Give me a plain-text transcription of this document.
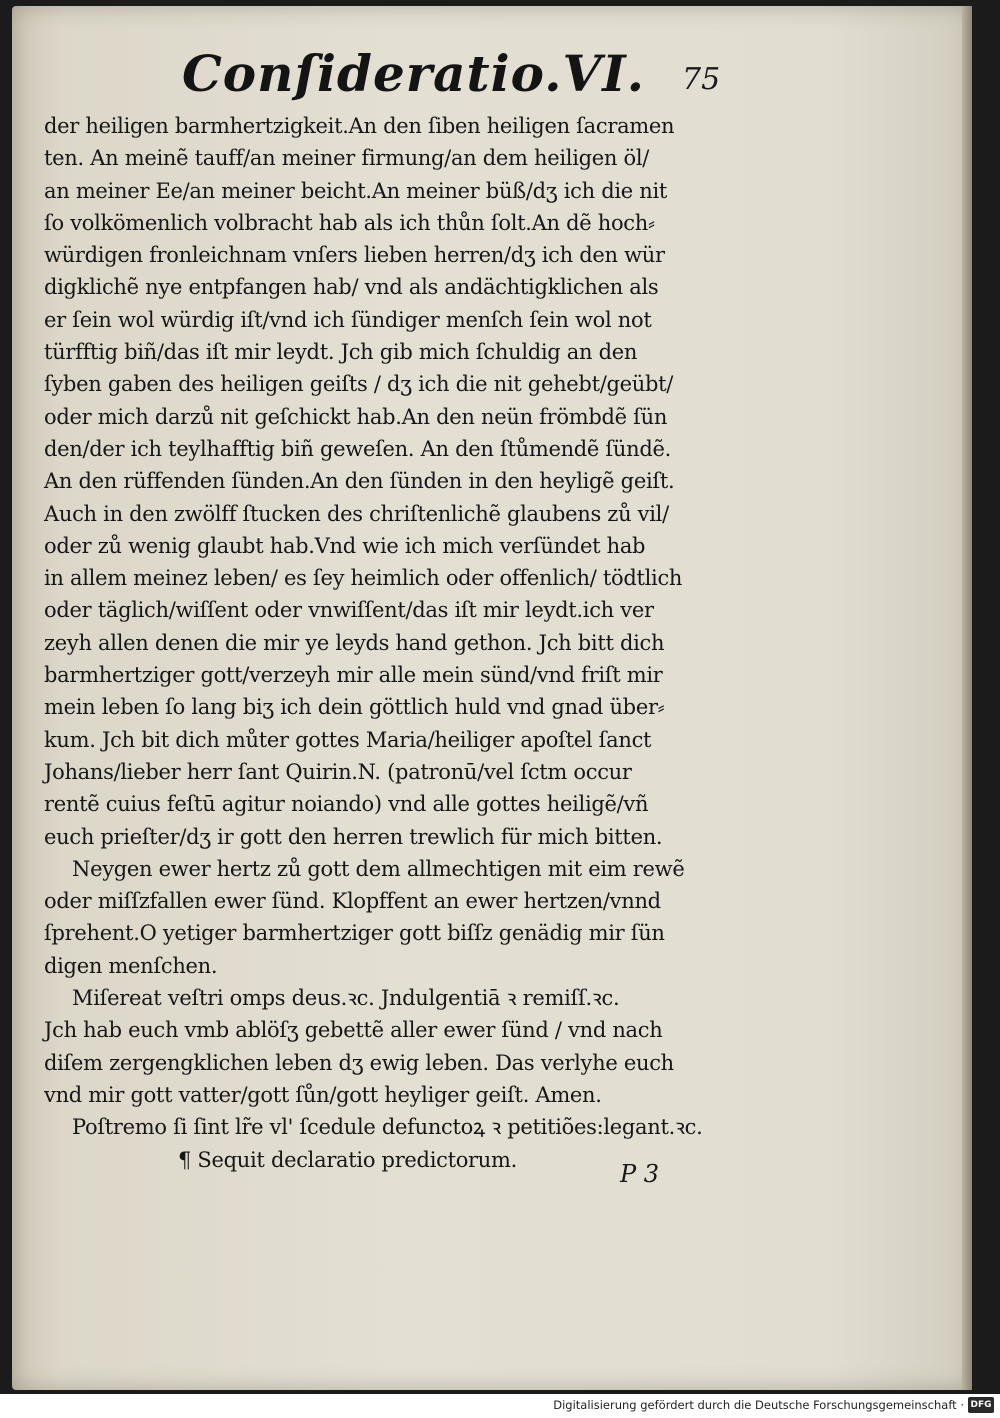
Conſideratio.VI. 75
der heiligen barmhertzigkeit.An den ſiben heiligen ſacramen
ten. An meinẽ tauff/an meiner firmung/an dem heiligen öl/
an meiner Ee/an meiner beicht.An meiner büß/dʒ ich die nit
ſo volkömenlich volbracht hab als ich thůn ſolt.An dẽ hoch⸗
würdigen fronleichnam vnſers lieben herren/dʒ ich den wür
digklichẽ nye entpfangen hab/ vnd als andächtigklichen als
er ſein wol würdig iſt/vnd ich ſündiger menſch ſein wol not
türfftig biñ/das iſt mir leydt. Jch gib mich ſchuldig an den
ſyben gaben des heiligen geiſts / dʒ ich die nit gehebt/geübt/
oder mich darzů nit geſchickt hab.An den neün frömbdẽ ſün
den/der ich teylhafftig biñ geweſen. An den ſtůmendẽ ſündẽ.
An den rüffenden ſünden.An den ſünden in den heyligẽ geiſt.
Auch in den zwölff ſtucken des chriſtenlichẽ glaubens zů vil/
oder zů wenig glaubt hab.Vnd wie ich mich verſündet hab
in allem meinez leben/ es ſey heimlich oder offenlich/ tödtlich
oder täglich/wiſſent oder vnwiſſent/das iſt mir leydt.ich ver
zeyh allen denen die mir ye leyds hand gethon. Jch bitt dich
barmhertziger gott/verzeyh mir alle mein sünd/vnd friſt mir
mein leben ſo lang biʒ ich dein göttlich huld vnd gnad über⸗
kum. Jch bit dich můter gottes Maria/heiliger apoſtel ſanct
Johans/lieber herr ſant Quirin.N. (patronū/vel ſctm occur
rentẽ cuius feſtū agitur noiando) vnd alle gottes heiligẽ/vñ
euch prieſter/dʒ ir gott den herren trewlich für mich bitten.
Neygen ewer hertz zů gott dem allmechtigen mit eim rewẽ
oder miſſzfallen ewer ſünd. Klopffent an ewer hertzen/vnnd
ſprehent.O yetiger barmhertziger gott biſſz genädig mir ſün
digen menſchen.
Miſereat veſtri omps deus.ꝛc. Jndulgentiā ꝛ remiſſ.ꝛc.
Jch hab euch vmb ablöſʒ gebettẽ aller ewer ſünd / vnd nach
diſem zergengklichen leben dʒ ewig leben. Das verlyhe euch
vnd mir gott vatter/gott ſůn/gott heyliger geiſt. Amen.
Poſtremo ſi ſint lr̃e vl' ſcedule defunctoꝝ ꝛ petitiões:legant.ꝛc.
¶ Sequit declaratio predictorum.
P 3
Digitalisierung gefördert durch die Deutsche Forschungsgemeinschaft · DFG
